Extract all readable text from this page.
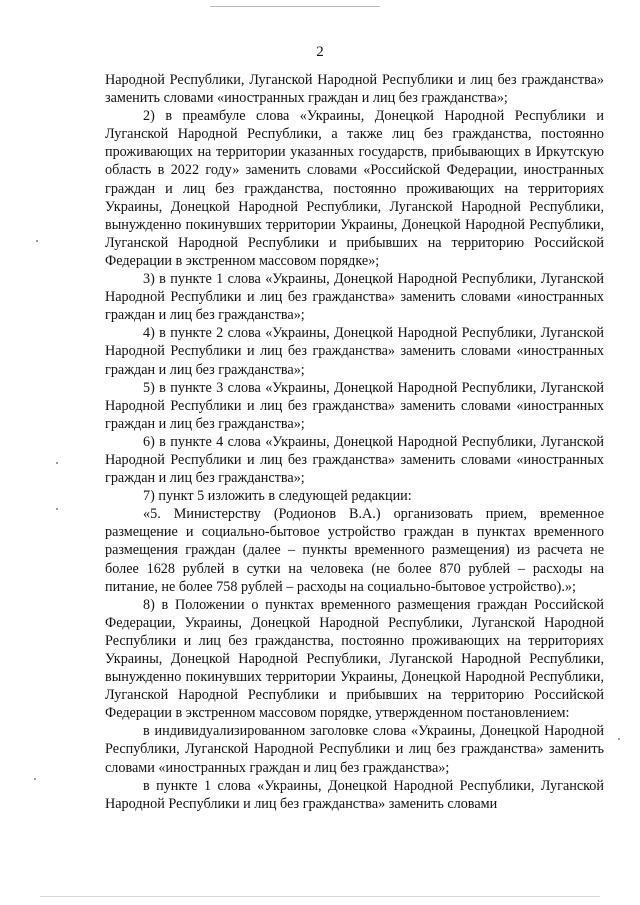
2

Народной Республики, Луганской Народной Республики и лиц без гражданства» заменить словами «иностранных граждан и лиц без гражданства»;

2) в преамбуле слова «Украины, Донецкой Народной Республики и Луганской Народной Республики, а также лиц без гражданства, постоянно проживающих на территории указанных государств, прибывающих в Иркутскую область в 2022 году» заменить словами «Российской Федерации, иностранных граждан и лиц без гражданства, постоянно проживающих на территориях Украины, Донецкой Народной Республики, Луганской Народной Республики, вынужденно покинувших территории Украины, Донецкой Народной Республики, Луганской Народной Республики и прибывших на территорию Российской Федерации в экстренном массовом порядке»;

3) в пункте 1 слова «Украины, Донецкой Народной Республики, Луганской Народной Республики и лиц без гражданства» заменить словами «иностранных граждан и лиц без гражданства»;

4) в пункте 2 слова «Украины, Донецкой Народной Республики, Луганской Народной Республики и лиц без гражданства» заменить словами «иностранных граждан и лиц без гражданства»;

5) в пункте 3 слова «Украины, Донецкой Народной Республики, Луганской Народной Республики и лиц без гражданства» заменить словами «иностранных граждан и лиц без гражданства»;

6) в пункте 4 слова «Украины, Донецкой Народной Республики, Луганской Народной Республики и лиц без гражданства» заменить словами «иностранных граждан и лиц без гражданства»;

7) пункт 5 изложить в следующей редакции:

«5. Министерству (Родионов В.А.) организовать прием, временное размещение и социально-бытовое устройство граждан в пунктах временного размещения граждан (далее – пункты временного размещения) из расчета не более 1628 рублей в сутки на человека (не более 870 рублей – расходы на питание, не более 758 рублей – расходы на социально-бытовое устройство).»;

8) в Положении о пунктах временного размещения граждан Российской Федерации, Украины, Донецкой Народной Республики, Луганской Народной Республики и лиц без гражданства, постоянно проживающих на территориях Украины, Донецкой Народной Республики, Луганской Народной Республики, вынужденно покинувших территории Украины, Донецкой Народной Республики, Луганской Народной Республики и прибывших на территорию Российской Федерации в экстренном массовом порядке, утвержденном постановлением:

в индивидуализированном заголовке слова «Украины, Донецкой Народной Республики, Луганской Народной Республики и лиц без гражданства» заменить словами «иностранных граждан и лиц без гражданства»;

в пункте 1 слова «Украины, Донецкой Народной Республики, Луганской Народной Республики и лиц без гражданства» заменить словами
